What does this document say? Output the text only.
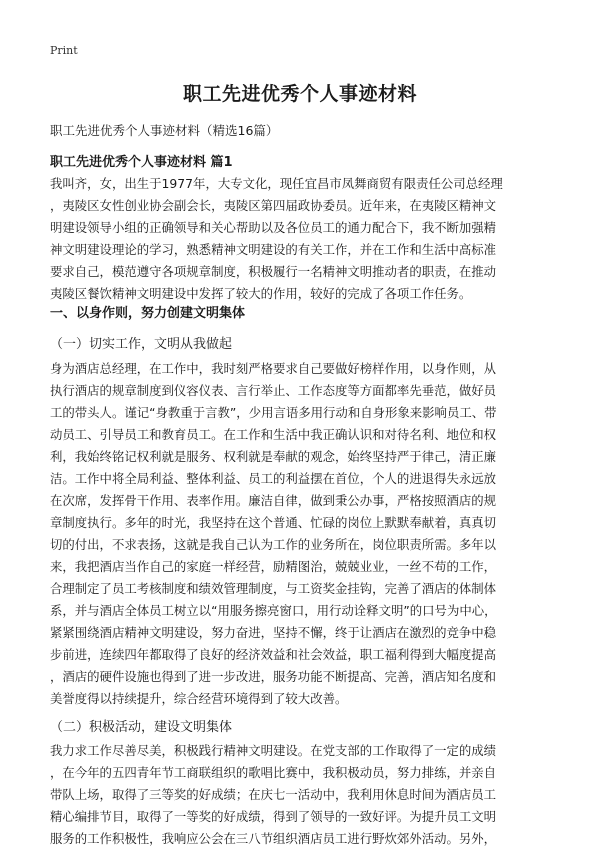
Print
职工先进优秀个人事迹材料
职工先进优秀个人事迹材料（精选16篇）
职工先进优秀个人事迹材料 篇1
我叫齐，女，出生于1977年，大专文化，现任宜昌市凤舞商贸有限责任公司总经理
，夷陵区女性创业协会副会长，夷陵区第四届政协委员。近年来，在夷陵区精神文
明建设领导小组的正确领导和关心帮助以及各位员工的通力配合下，我不断加强精
神文明建设理论的学习，熟悉精神文明建设的有关工作，并在工作和生活中高标准
要求自己，模范遵守各项规章制度，积极履行一名精神文明推动者的职责，在推动
夷陵区餐饮精神文明建设中发挥了较大的作用，较好的完成了各项工作任务。
一、以身作则，努力创建文明集体
（一）切实工作，文明从我做起
身为酒店总经理，在工作中，我时刻严格要求自己要做好榜样作用，以身作则，从
执行酒店的规章制度到仪容仪表、言行举止、工作态度等方面都率先垂范，做好员
工的带头人。谨记“身教重于言教”，少用言语多用行动和自身形象来影响员工、带
动员工、引导员工和教育员工。在工作和生活中我正确认识和对待名利、地位和权
利，我始终铭记权利就是服务、权利就是奉献的观念，始终坚持严于律己，清正廉
洁。工作中将全局利益、整体利益、员工的利益摆在首位，个人的进退得失永远放
在次席，发挥骨干作用、表率作用。廉洁自律，做到秉公办事，严格按照酒店的规
章制度执行。多年的时光，我坚持在这个普通、忙碌的岗位上默默奉献着，真真切
切的付出，不求表扬，这就是我自己认为工作的业务所在，岗位职责所需。多年以
来，我把酒店当作自己的家庭一样经营，励精图治，兢兢业业，一丝不苟的工作，
合理制定了员工考核制度和绩效管理制度，与工资奖金挂钩，完善了酒店的体制体
系，并与酒店全体员工树立以“用服务擦亮窗口，用行动诠释文明”的口号为中心，
紧紧围绕酒店精神文明建设，努力奋进，坚持不懈，终于让酒店在激烈的竞争中稳
步前进，连续四年都取得了良好的经济效益和社会效益，职工福利得到大幅度提高
，酒店的硬件设施也得到了进一步改进，服务功能不断提高、完善，酒店知名度和
美誉度得以持续提升，综合经营环境得到了较大改善。
（二）积极活动，建设文明集体
我力求工作尽善尽美，积极践行精神文明建设。在党支部的工作取得了一定的成绩
，在今年的五四青年节工商联组织的歌唱比赛中，我积极动员，努力排练，并亲自
带队上场，取得了三等奖的好成绩；在庆七一活动中，我利用休息时间为酒店员工
精心编排节目，取得了一等奖的好成绩，得到了领导的一致好评。为提升员工文明
服务的工作积极性，我响应公会在三八节组织酒店员工进行野炊郊外活动。另外，
